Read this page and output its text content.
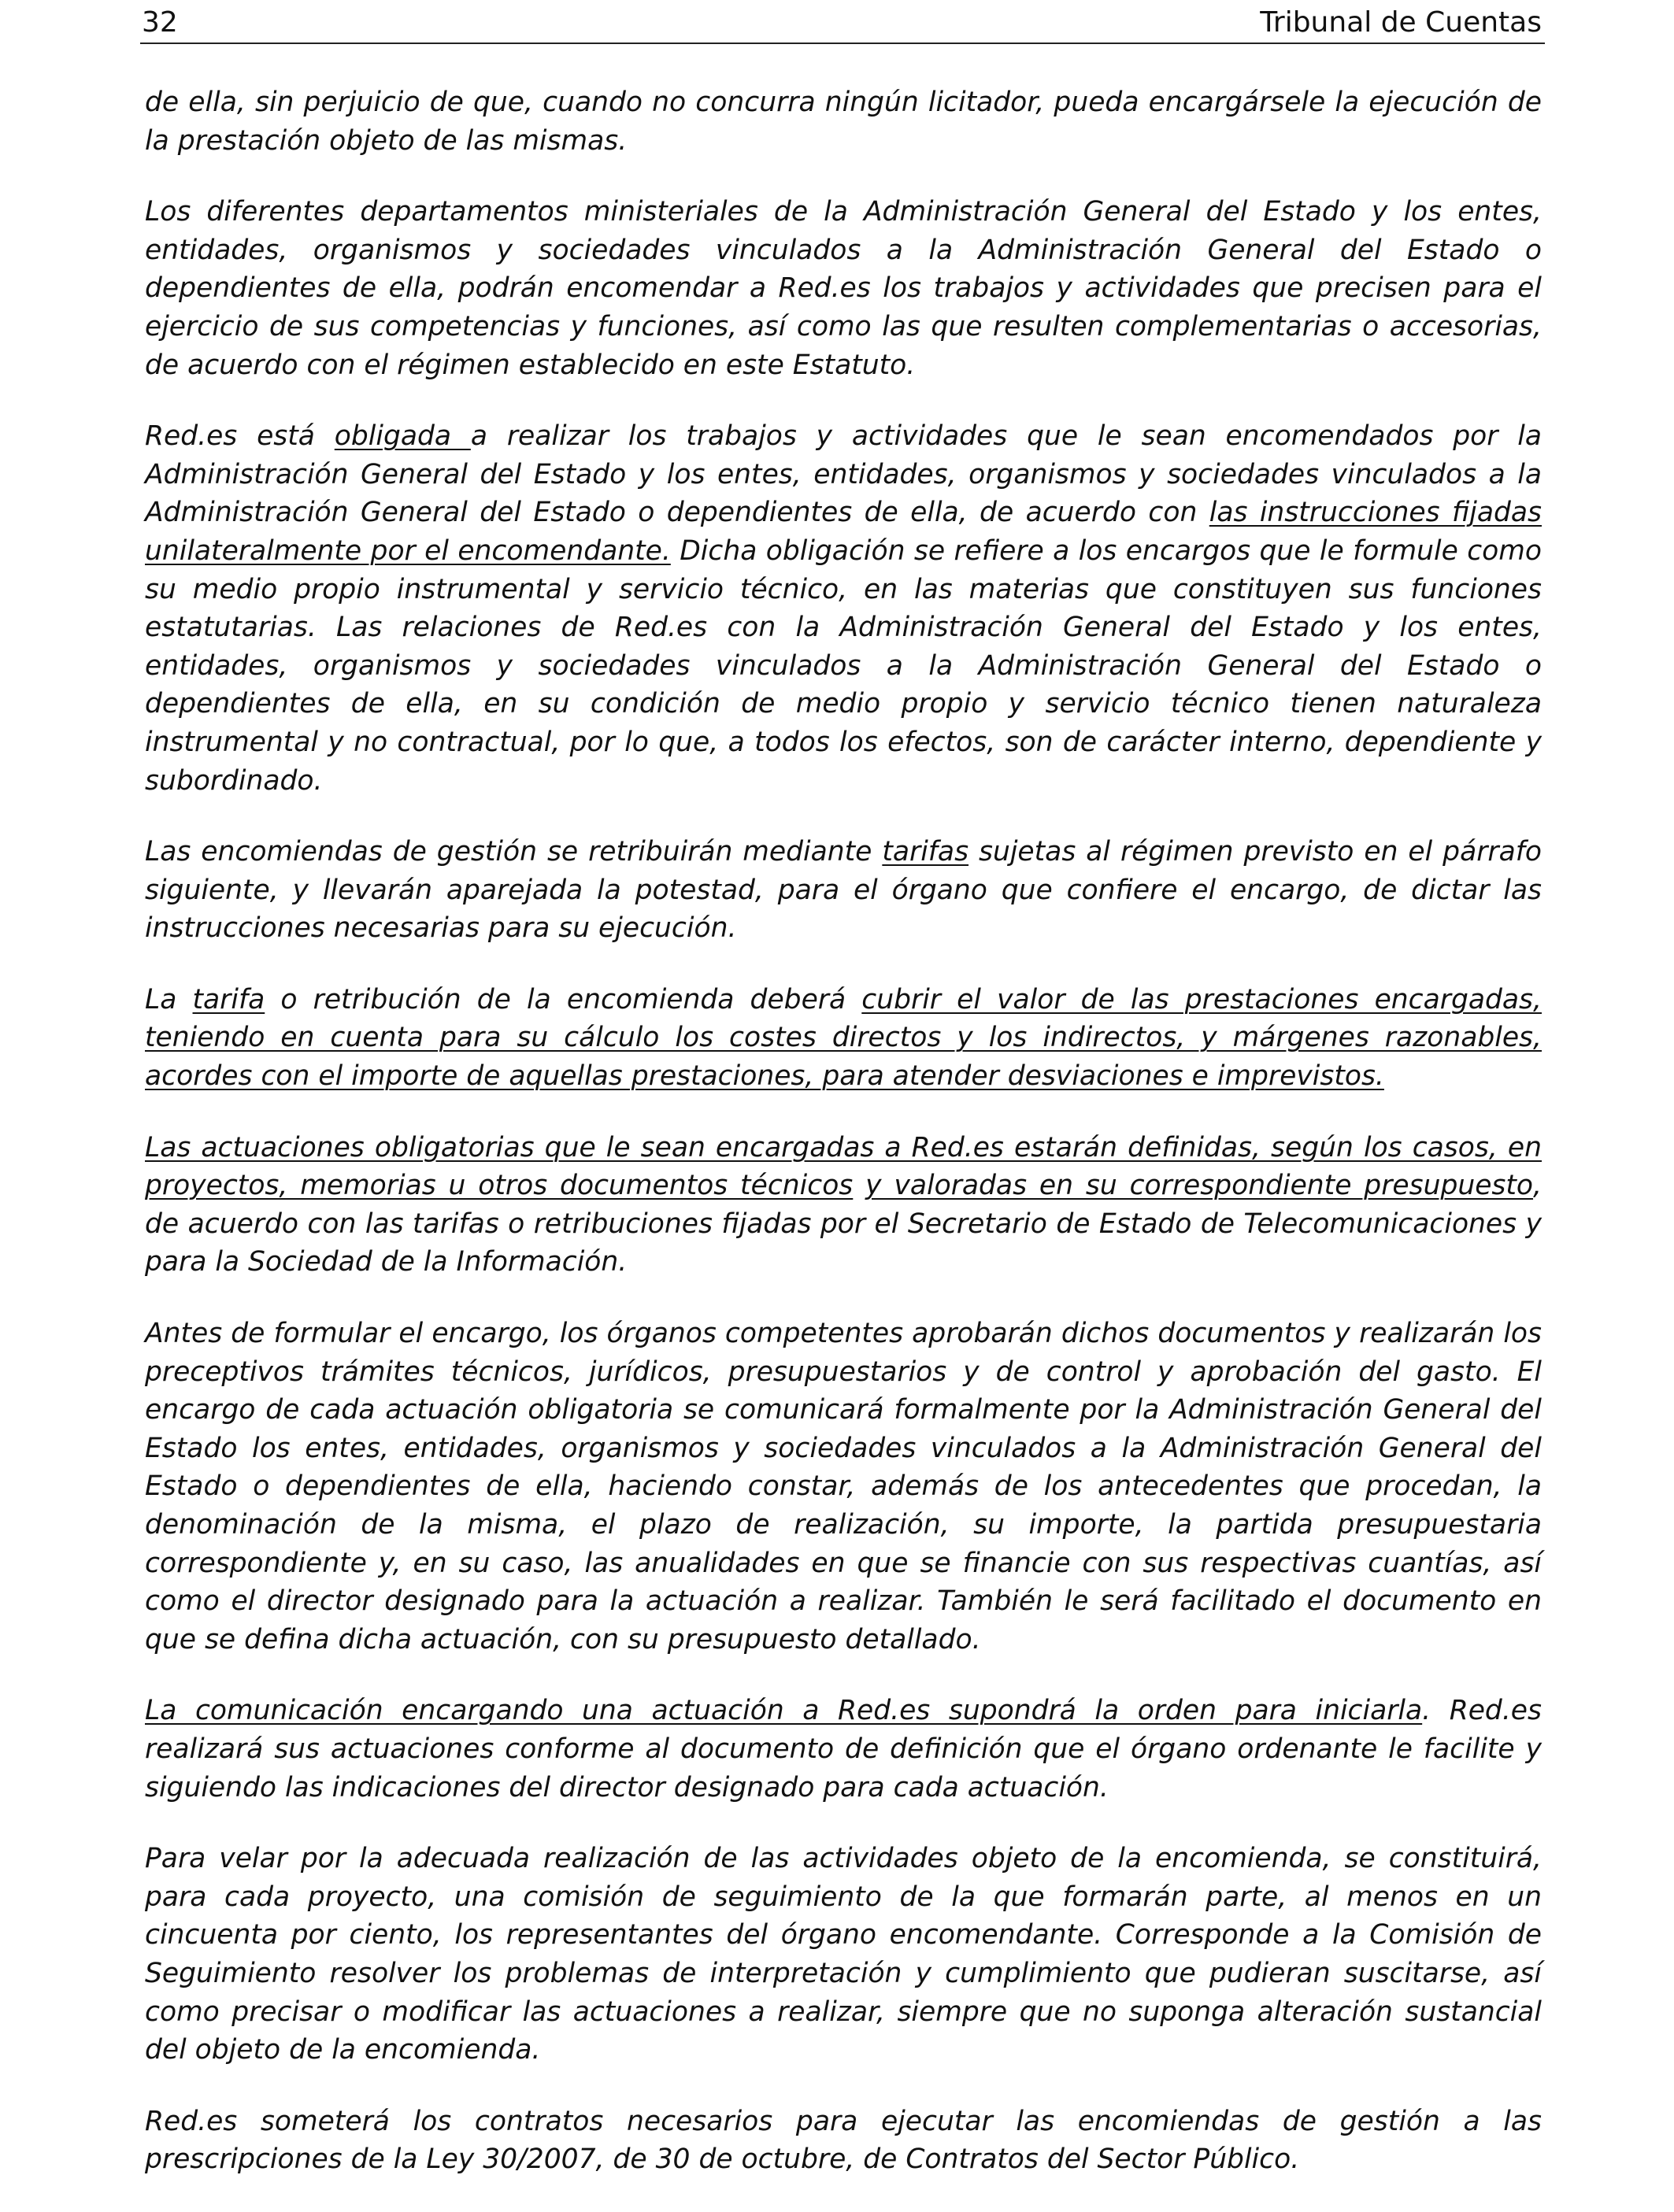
32	Tribunal de Cuentas

de ella, sin perjuicio de que, cuando no concurra ningún licitador, pueda encargársele la ejecución de la prestación objeto de las mismas.

Los diferentes departamentos ministeriales de la Administración General del Estado y los entes, entidades, organismos y sociedades vinculados a la Administración General del Estado o dependientes de ella, podrán encomendar a Red.es los trabajos y actividades que precisen para el ejercicio de sus competencias y funciones, así como las que resulten complementarias o accesorias, de acuerdo con el régimen establecido en este Estatuto.

Red.es está obligada a realizar los trabajos y actividades que le sean encomendados por la Administración General del Estado y los entes, entidades, organismos y sociedades vinculados a la Administración General del Estado o dependientes de ella, de acuerdo con las instrucciones fijadas unilateralmente por el encomendante. Dicha obligación se refiere a los encargos que le formule como su medio propio instrumental y servicio técnico, en las materias que constituyen sus funciones estatutarias. Las relaciones de Red.es con la Administración General del Estado y los entes, entidades, organismos y sociedades vinculados a la Administración General del Estado o dependientes de ella, en su condición de medio propio y servicio técnico tienen naturaleza instrumental y no contractual, por lo que, a todos los efectos, son de carácter interno, dependiente y subordinado.

Las encomiendas de gestión se retribuirán mediante tarifas sujetas al régimen previsto en el párrafo siguiente, y llevarán aparejada la potestad, para el órgano que confiere el encargo, de dictar las instrucciones necesarias para su ejecución.

La tarifa o retribución de la encomienda deberá cubrir el valor de las prestaciones encargadas, teniendo en cuenta para su cálculo los costes directos y los indirectos, y márgenes razonables, acordes con el importe de aquellas prestaciones, para atender desviaciones e imprevistos.

Las actuaciones obligatorias que le sean encargadas a Red.es estarán definidas, según los casos, en proyectos, memorias u otros documentos técnicos y valoradas en su correspondiente presupuesto, de acuerdo con las tarifas o retribuciones fijadas por el Secretario de Estado de Telecomunicaciones y para la Sociedad de la Información.

Antes de formular el encargo, los órganos competentes aprobarán dichos documentos y realizarán los preceptivos trámites técnicos, jurídicos, presupuestarios y de control y aprobación del gasto. El encargo de cada actuación obligatoria se comunicará formalmente por la Administración General del Estado los entes, entidades, organismos y sociedades vinculados a la Administración General del Estado o dependientes de ella, haciendo constar, además de los antecedentes que procedan, la denominación de la misma, el plazo de realización, su importe, la partida presupuestaria correspondiente y, en su caso, las anualidades en que se financie con sus respectivas cuantías, así como el director designado para la actuación a realizar. También le será facilitado el documento en que se defina dicha actuación, con su presupuesto detallado.

La comunicación encargando una actuación a Red.es supondrá la orden para iniciarla. Red.es realizará sus actuaciones conforme al documento de definición que el órgano ordenante le facilite y siguiendo las indicaciones del director designado para cada actuación.

Para velar por la adecuada realización de las actividades objeto de la encomienda, se constituirá, para cada proyecto, una comisión de seguimiento de la que formarán parte, al menos en un cincuenta por ciento, los representantes del órgano encomendante. Corresponde a la Comisión de Seguimiento resolver los problemas de interpretación y cumplimiento que pudieran suscitarse, así como precisar o modificar las actuaciones a realizar, siempre que no suponga alteración sustancial del objeto de la encomienda.

Red.es someterá los contratos necesarios para ejecutar las encomiendas de gestión a las prescripciones de la Ley 30/2007, de 30 de octubre, de Contratos del Sector Público.
